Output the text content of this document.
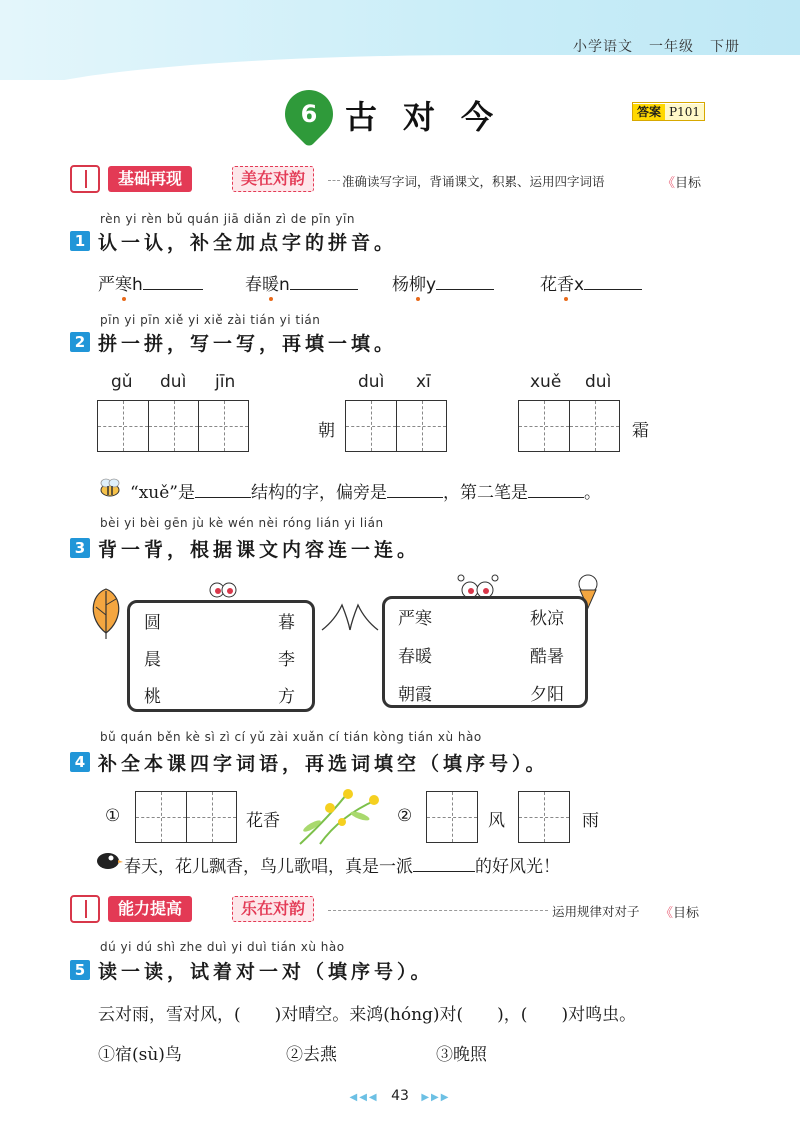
小学语文 一年级 下册
6 古对今	答案 P101
基础再现	美在对韵	准确读写字词，背诵课文，积累、运用四字词语	《目标
rèn yi rèn bǔ quán jiā diǎn zì de pīn yīn
1 认一认，补全加点字的拼音。
严寒h	春暖n	杨柳y	花香x
pīn yi pīn xiě yi xiě zài tián yi tián
2 拼一拼，写一写，再填一填。
gǔ duì jīn	duì xī
朝
xuě duì
霜
“xuě”是	结构的字，偏旁是	，第二笔是	。
bèi yi bèi gēn jù kè wén nèi róng lián yi lián
3 背一背，根据课文内容连一连。
圆	暮
晨	李
桃	方
严寒	秋凉
春暖	酷暑
朝霞	夕阳
bǔ quán běn kè sì zì cí yǔ zài xuǎn cí tián kòng tián xù hào
4 补全本课四字词语，再选词填空（填序号）。
①	花香	②	风	雨
春天，花儿飘香，鸟儿歌唱，真是一派	的好风光！
能力提高	乐在对韵	运用规律对对子 《目标
dú yi dú shì zhe duì yi duì tián xù hào
5 读一读，试着对一对（填序号）。
云对雨，雪对风，(　　)对晴空。来鸿(hóng)对(　　)，(　　)对鸣虫。
①宿(sù)鸟	②去燕	③晚照
◀◀◀ 43 ▶▶▶
